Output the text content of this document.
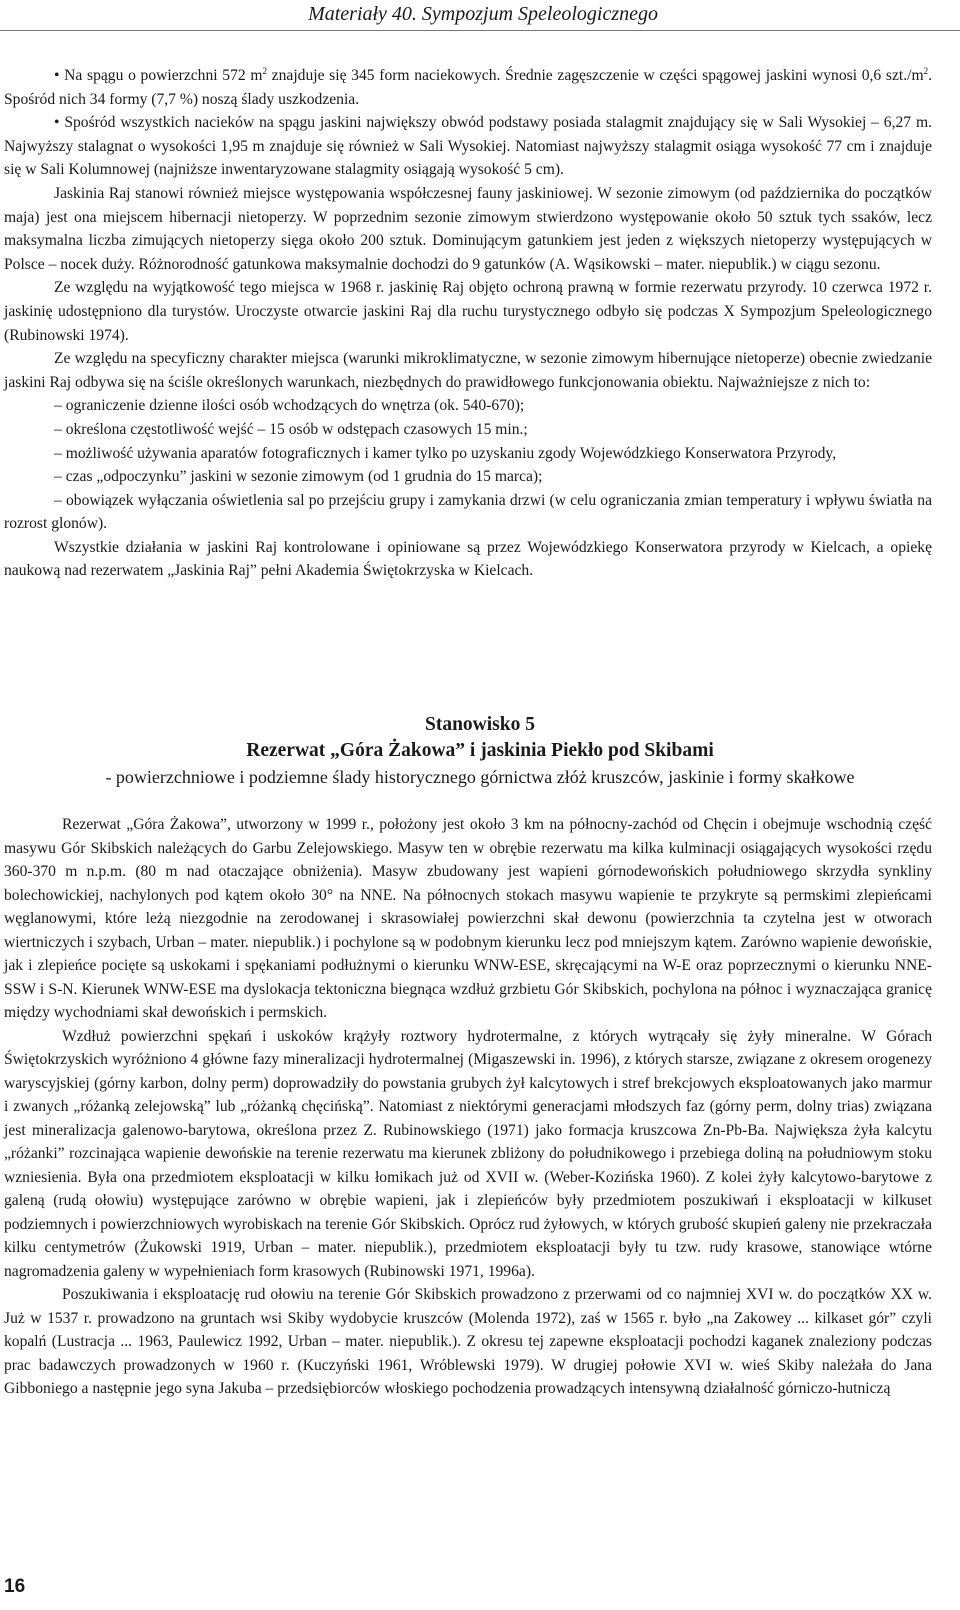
Materiały 40. Sympozjum Speleologicznego

• Na spągu o powierzchni 572 $m^2$ znajduje się 345 form naciekowych. Średnie zagęszczenie w części spągowej jaskini wynosi 0,6 $szt./m^2$. Spośród nich 34 formy (7,7 %) noszą ślady uszkodzenia.

• Spośród wszystkich nacieków na spągu jaskini największy obwód podstawy posiada stalagmit znajdujący się w Sali Wysokiej – 6,27 m. Najwyższy stalagnat o wysokości 1,95 m znajduje się również w Sali Wysokiej. Natomiast najwyższy stalagmit osiąga wysokość 77 cm i znajduje się w Sali Kolumnowej (najniższe inwentaryzowane stalagmity osiągają wysokość 5 cm).

Jaskinia Raj stanowi również miejsce występowania współczesnej fauny jaskiniowej. W sezonie zimowym (od października do początków maja) jest ona miejscem hibernacji nietoperzy. W poprzednim sezonie zimowym stwierdzono występowanie około 50 sztuk tych ssaków, lecz maksymalna liczba zimujących nietoperzy sięga około 200 sztuk. Dominującym gatunkiem jest jeden z większych nietoperzy występujących w Polsce – nocek duży. Różnorodność gatunkowa maksymalnie dochodzi do 9 gatunków (A. Wąsikowski – mater. niepublik.) w ciągu sezonu.

Ze względu na wyjątkowość tego miejsca w 1968 r. jaskinię Raj objęto ochroną prawną w formie rezerwatu przyrody. 10 czerwca 1972 r. jaskinię udostępniono dla turystów. Uroczyste otwarcie jaskini Raj dla ruchu turystycznego odbyło się podczas X Sympozjum Speleologicznego (Rubinowski 1974).

Ze względu na specyficzny charakter miejsca (warunki mikroklimatyczne, w sezonie zimowym hibernujące nietoperze) obecnie zwiedzanie jaskini Raj odbywa się na ściśle określonych warunkach, niezbędnych do prawidłowego funkcjonowania obiektu. Najważniejsze z nich to:

– ograniczenie dzienne ilości osób wchodzących do wnętrza (ok. 540-670);

– określona częstotliwość wejść – 15 osób w odstępach czasowych 15 min.;

– możliwość używania aparatów fotograficznych i kamer tylko po uzyskaniu zgody Wojewódzkiego Konserwatora Przyrody,

– czas „odpoczynku” jaskini w sezonie zimowym (od 1 grudnia do 15 marca);

– obowiązek wyłączania oświetlenia sal po przejściu grupy i zamykania drzwi (w celu ograniczania zmian temperatury i wpływu światła na rozrost glonów).

Wszystkie działania w jaskini Raj kontrolowane i opiniowane są przez Wojewódzkiego Konserwatora przyrody w Kielcach, a opiekę naukową nad rezerwatem „Jaskinia Raj” pełni Akademia Świętokrzyska w Kielcach.

Stanowisko 5
Rezerwat „Góra Żakowa” i jaskinia Piekło pod Skibami
- powierzchniowe i podziemne ślady historycznego górnictwa złóż kruszców, jaskinie i formy skałkowe

Rezerwat „Góra Żakowa”, utworzony w 1999 r., położony jest około 3 km na północny-zachód od Chęcin i obejmuje wschodnią część masywu Gór Skibskich należących do Garbu Zelejowskiego. Masyw ten w obrębie rezerwatu ma kilka kulminacji osiągających wysokości rzędu 360-370 m n.p.m. (80 m nad otaczające obniżenia). Masyw zbudowany jest wapieni górnodewońskich południowego skrzydła synkliny bolechowickiej, nachylonych pod kątem około 30° na NNE. Na północnych stokach masywu wapienie te przykryte są permskimi zlepieńcami węglanowymi, które leżą niezgodnie na zerodowanej i skrasowiałej powierzchni skał dewonu (powierzchnia ta czytelna jest w otworach wiertniczych i szybach, Urban – mater. niepublik.) i pochylone są w podobnym kierunku lecz pod mniejszym kątem. Zarówno wapienie dewońskie, jak i zlepieńce pocięte są uskokami i spękaniami podłużnymi o kierunku WNW-ESE, skręcającymi na W-E oraz poprzecznymi o kierunku NNE-SSW i S-N. Kierunek WNW-ESE ma dyslokacja tektoniczna biegnąca wzdłuż grzbietu Gór Skibskich, pochylona na północ i wyznaczająca granicę między wychodniami skał dewońskich i permskich.

Wzdłuż powierzchni spękań i uskoków krążyły roztwory hydrotermalne, z których wytrącały się żyły mineralne. W Górach Świętokrzyskich wyróżniono 4 główne fazy mineralizacji hydrotermalnej (Migaszewski in. 1996), z których starsze, związane z okresem orogenezy waryscyjskiej (górny karbon, dolny perm) doprowadziły do powstania grubych żył kalcytowych i stref brekcjowych eksploatowanych jako marmur i zwanych „różanką zelejowską” lub „różanką chęcińską”. Natomiast z niektórymi generacjami młodszych faz (górny perm, dolny trias) związana jest mineralizacja galenowo-barytowa, określona przez Z. Rubinowskiego (1971) jako formacja kruszcowa Zn-Pb-Ba. Największa żyła kalcytu „różanki” rozcinająca wapienie dewońskie na terenie rezerwatu ma kierunek zbliżony do południkowego i przebiega doliną na południowym stoku wzniesienia. Była ona przedmiotem eksploatacji w kilku łomikach już od XVII w. (Weber-Kozińska 1960). Z kolei żyły kalcytowo-barytowe z galeną (rudą ołowiu) występujące zarówno w obrębie wapieni, jak i zlepieńców były przedmiotem poszukiwań i eksploatacji w kilkuset podziemnych i powierzchniowych wyrobiskach na terenie Gór Skibskich. Oprócz rud żyłowych, w których grubość skupień galeny nie przekraczała kilku centymetrów (Żukowski 1919, Urban – mater. niepublik.), przedmiotem eksploatacji były tu tzw. rudy krasowe, stanowiące wtórne nagromadzenia galeny w wypełnieniach form krasowych (Rubinowski 1971, 1996a).

Poszukiwania i eksploatację rud ołowiu na terenie Gór Skibskich prowadzono z przerwami od co najmniej XVI w. do początków XX w. Już w 1537 r. prowadzono na gruntach wsi Skiby wydobycie kruszców (Molenda 1972), zaś w 1565 r. było „na Zakowey ... kilkaset gór” czyli kopalń (Lustracja ... 1963, Paulewicz 1992, Urban – mater. niepublik.). Z okresu tej zapewne eksploatacji pochodzi kaganek znaleziony podczas prac badawczych prowadzonych w 1960 r. (Kuczyński 1961, Wróblewski 1979). W drugiej połowie XVI w. wieś Skiby należała do Jana Gibboniego a następnie jego syna Jakuba – przedsiębiorców włoskiego pochodzenia prowadzących intensywną działalność górniczo-hutniczą

16
